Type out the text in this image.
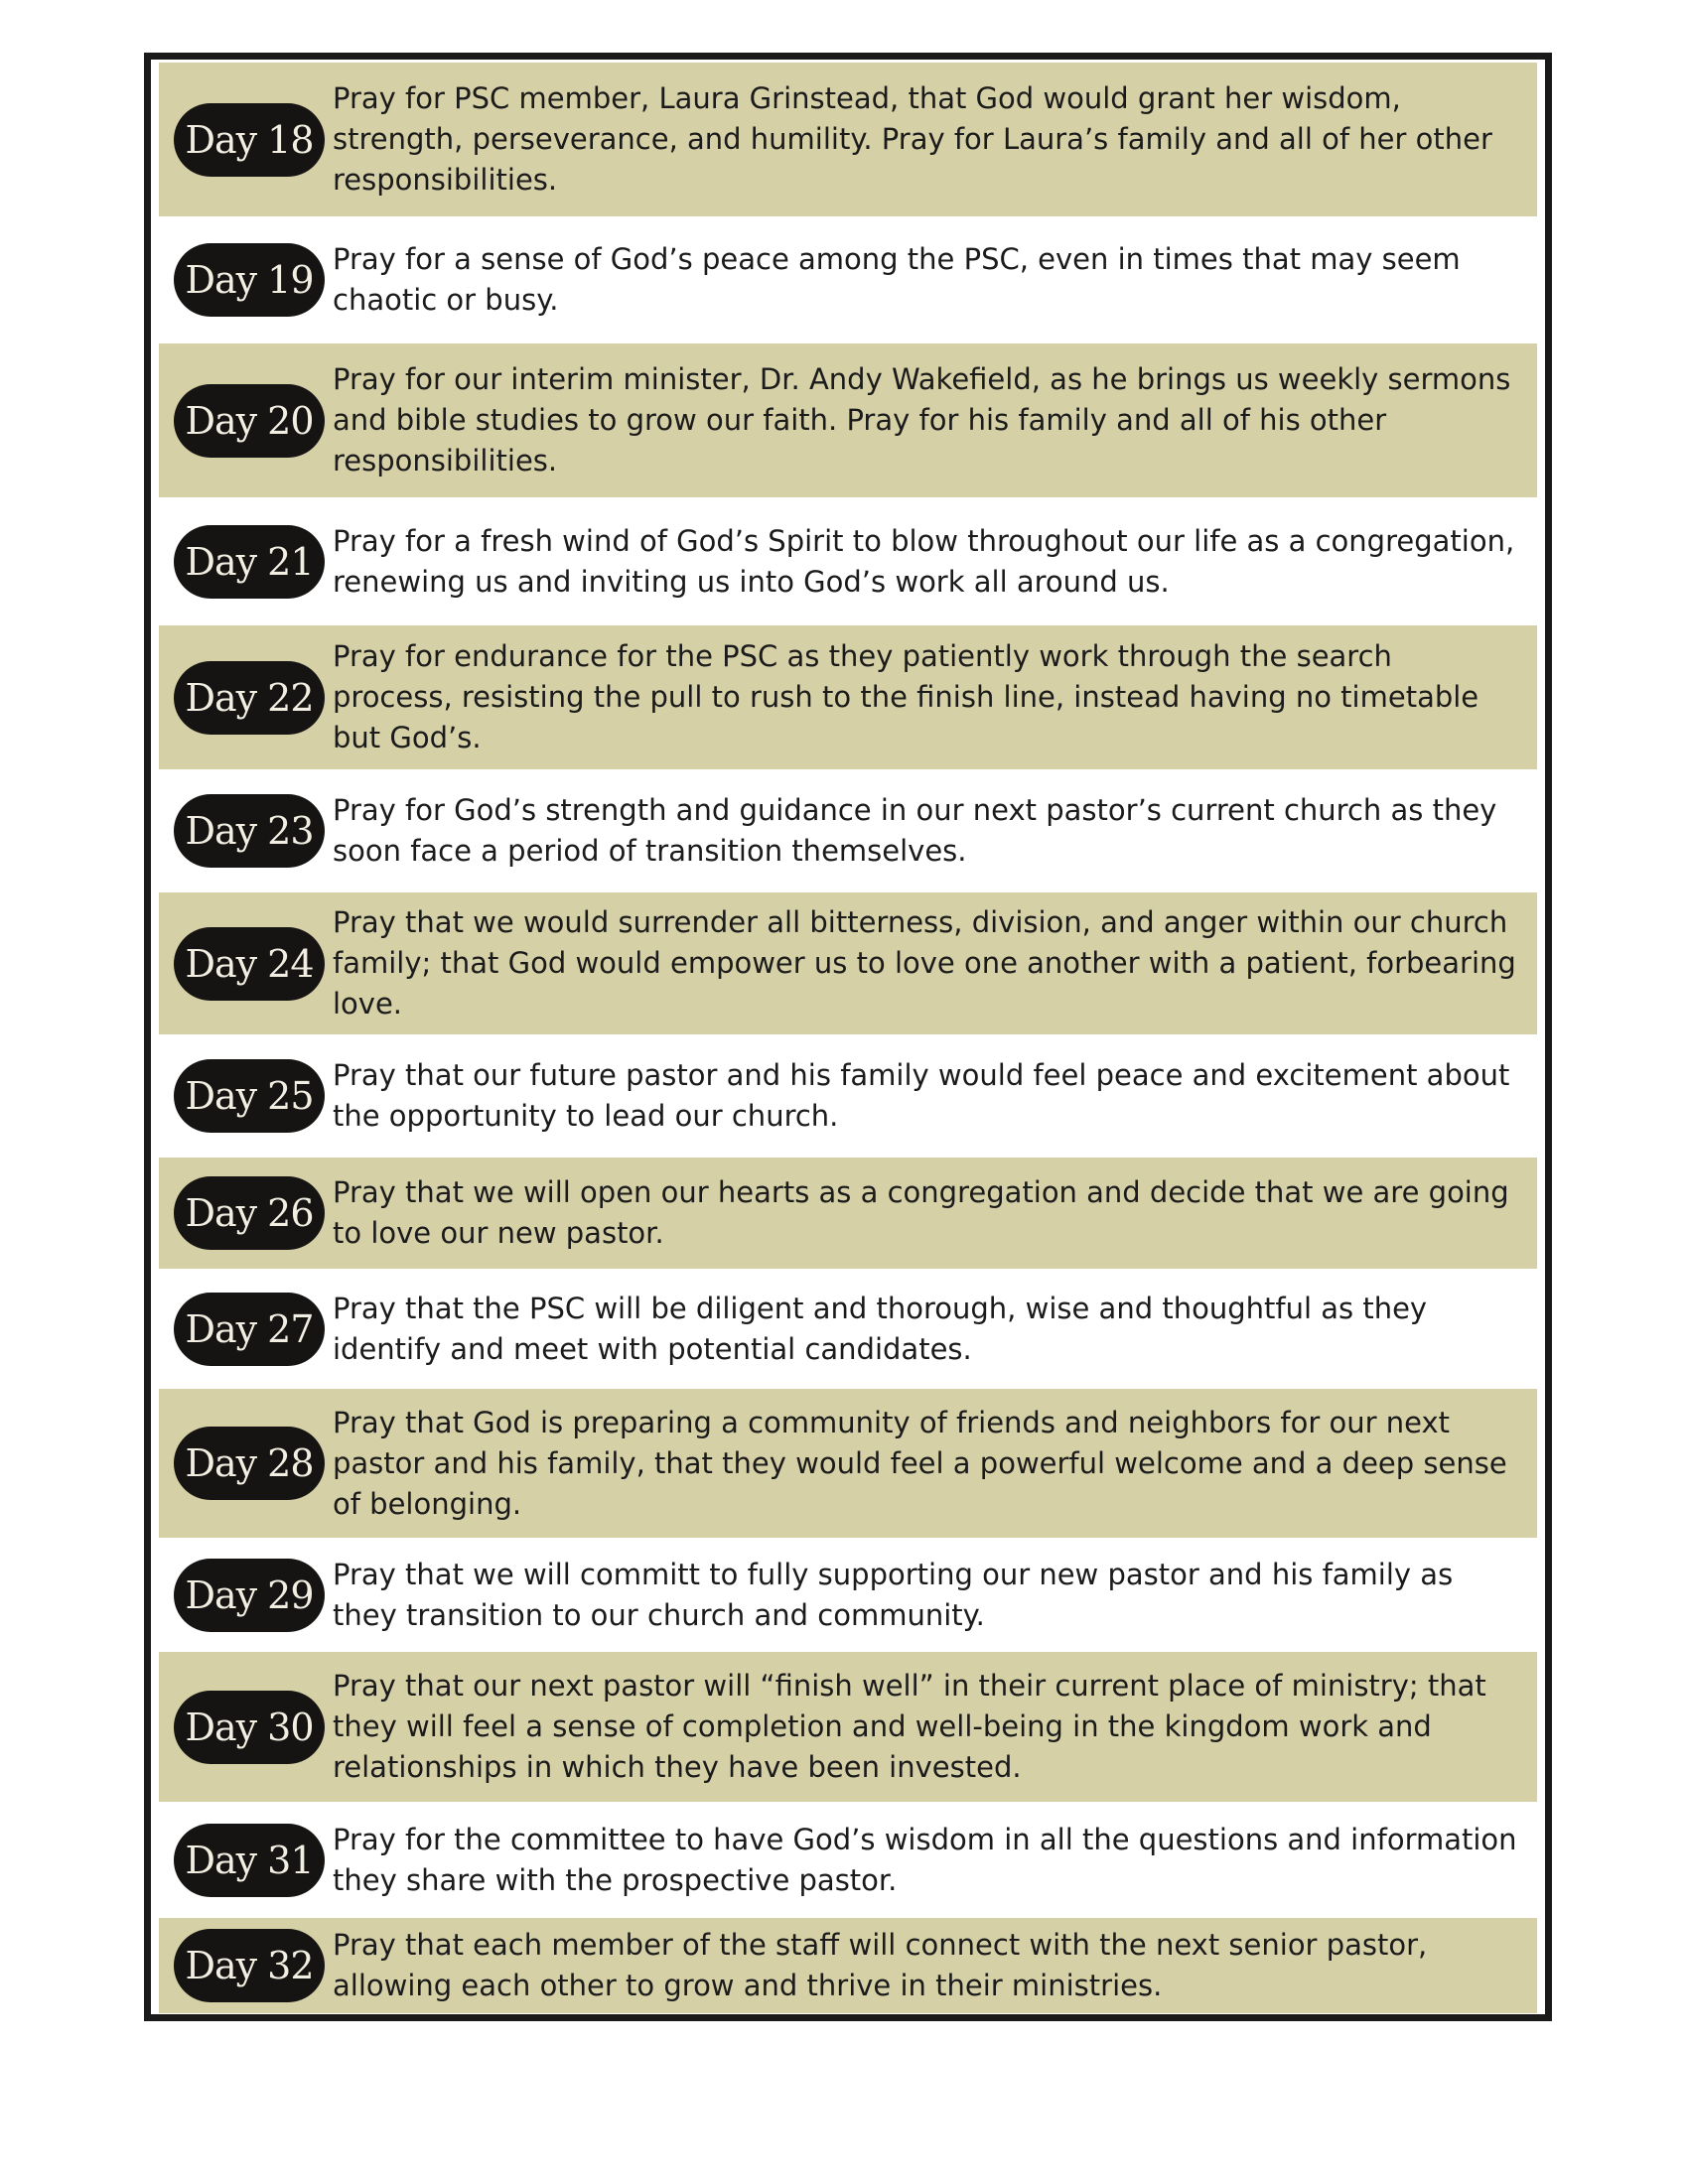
Day 18
Pray for PSC member, Laura Grinstead, that God would grant her wisdom, strength, perseverance, and humility. Pray for Laura’s family and all of her other responsibilities.
Day 19 Pray for a sense of God’s peace among the PSC, even in times that may seem chaotic or busy.
Day 20
Pray for our interim minister, Dr. Andy Wakefield, as he brings us weekly sermons and bible studies to grow our faith. Pray for his family and all of his other responsibilities.
Day 21 Pray for a fresh wind of God’s Spirit to blow throughout our life as a congregation, renewing us and inviting us into God’s work all around us.
Day 22
Pray for endurance for the PSC as they patiently work through the search process, resisting the pull to rush to the finish line, instead having no timetable but God’s.
Day 23 Pray for God’s strength and guidance in our next pastor’s current church as they soon face a period of transition themselves.
Day 24
Pray that we would surrender all bitterness, division, and anger within our church family; that God would empower us to love one another with a patient, forbearing love.
Day 25 Pray that our future pastor and his family would feel peace and excitement about the opportunity to lead our church.
Day 26 Pray that we will open our hearts as a congregation and decide that we are going to love our new pastor.
Day 27 Pray that the PSC will be diligent and thorough, wise and thoughtful as they identify and meet with potential candidates.
Day 28
Pray that God is preparing a community of friends and neighbors for our next pastor and his family, that they would feel a powerful welcome and a deep sense of belonging.
Day 29 Pray that we will committ to fully supporting our new pastor and his family as they transition to our church and community.
Day 30
Pray that our next pastor will “finish well” in their current place of ministry; that they will feel a sense of completion and well-being in the kingdom work and relationships in which they have been invested.
Day 31 Pray for the committee to have God’s wisdom in all the questions and information they share with the prospective pastor.
Day 32 Pray that each member of the staff will connect with the next senior pastor, allowing each other to grow and thrive in their ministries.
